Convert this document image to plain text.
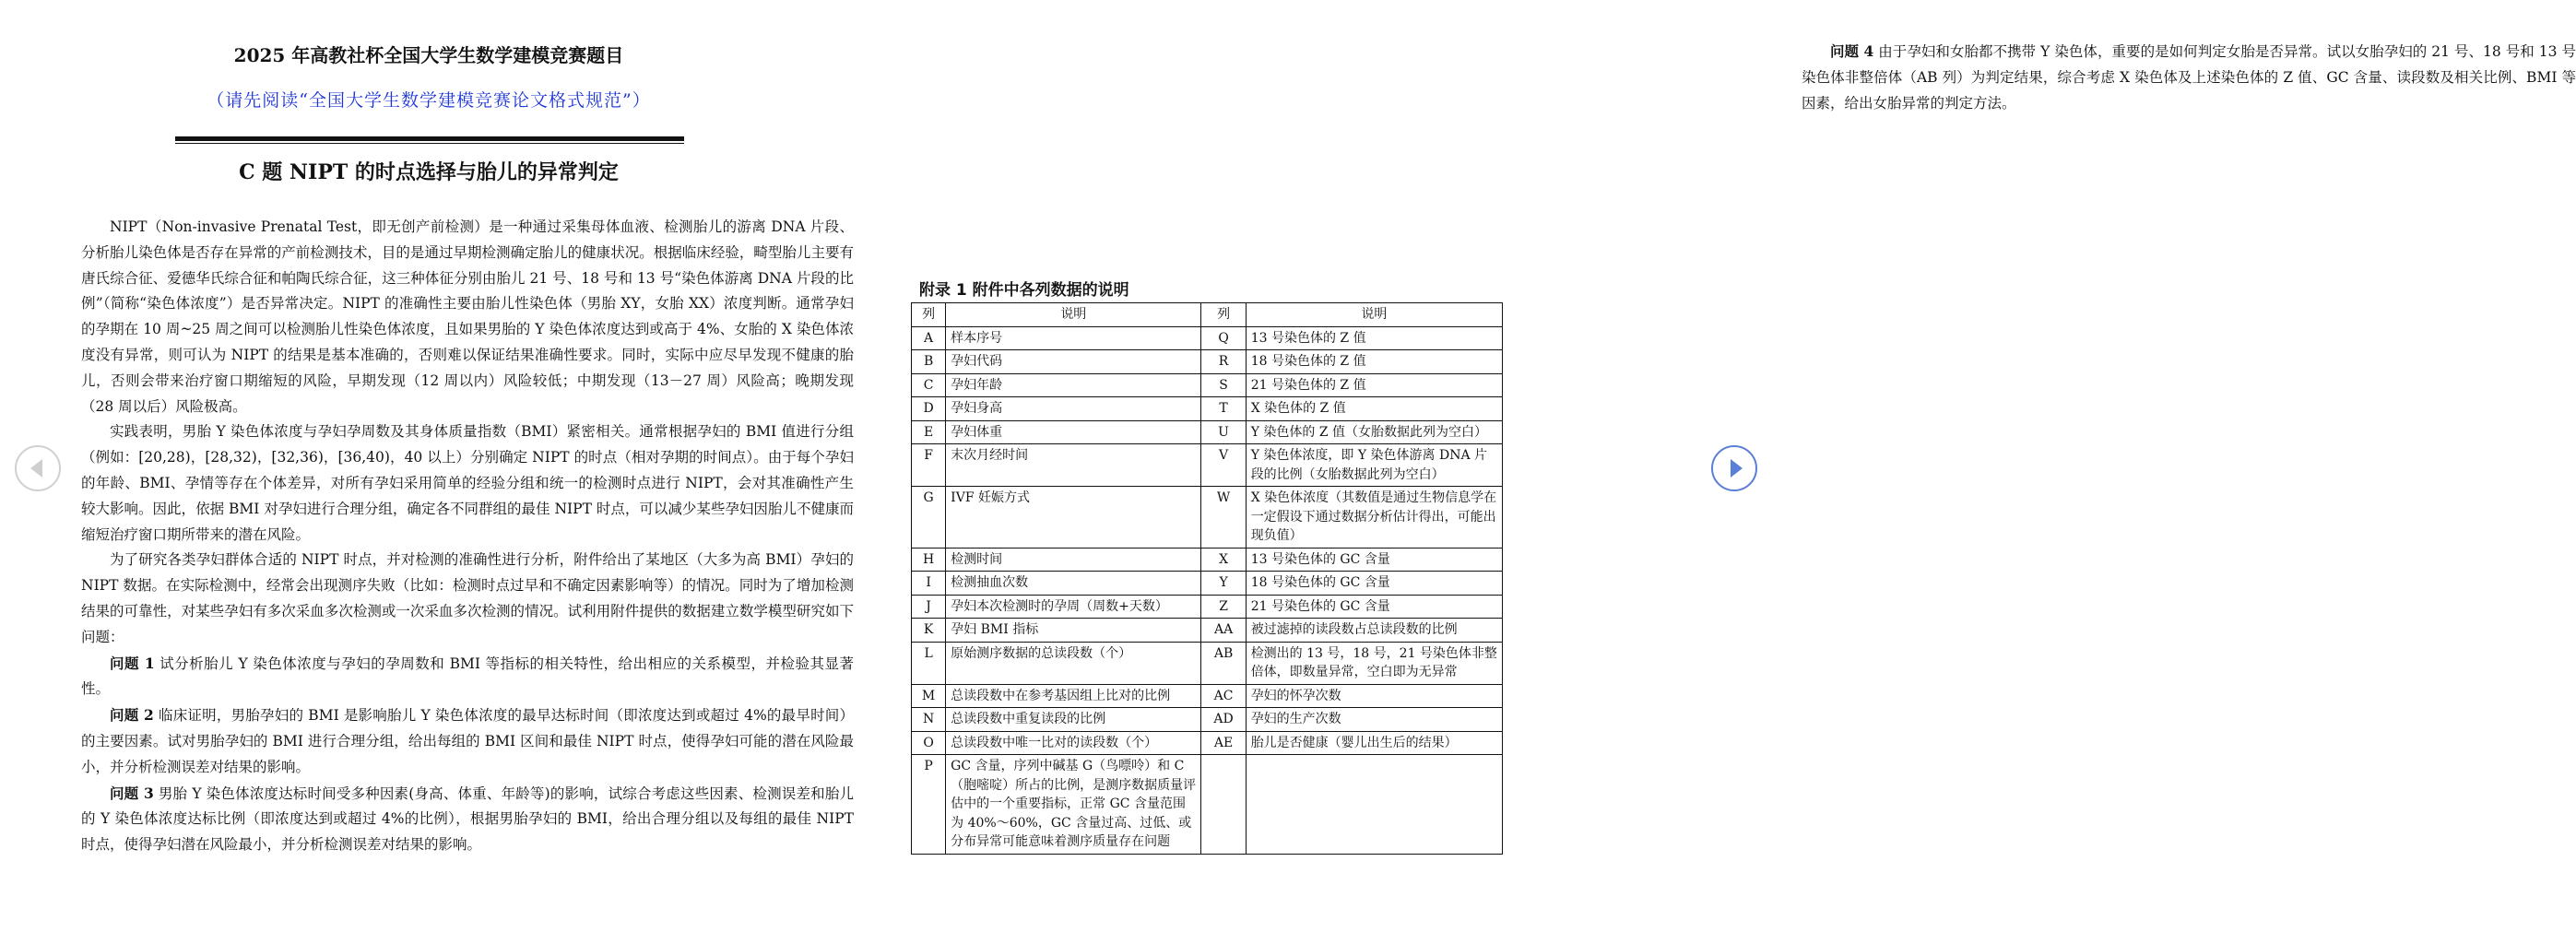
2025 年高教社杯全国大学生数学建模竞赛题目
（请先阅读“全国大学生数学建模竞赛论文格式规范”）
C 题 NIPT 的时点选择与胎儿的异常判定

NIPT（Non-invasive Prenatal Test，即无创产前检测）是一种通过采集母体血液、检测胎儿的游离 DNA 片段、分析胎儿染色体是否存在异常的产前检测技术，目的是通过早期检测确定胎儿的健康状况。根据临床经验，畸型胎儿主要有唐氏综合征、爱德华氏综合征和帕陶氏综合征，这三种体征分别由胎儿 21 号、18 号和 13 号“染色体游离 DNA 片段的比例”（简称“染色体浓度”）是否异常决定。NIPT 的准确性主要由胎儿性染色体（男胎 XY，女胎 XX）浓度判断。通常孕妇的孕期在 10 周~25 周之间可以检测胎儿性染色体浓度，且如果男胎的 Y 染色体浓度达到或高于 4%、女胎的 X 染色体浓度没有异常，则可认为 NIPT 的结果是基本准确的，否则难以保证结果准确性要求。同时，实际中应尽早发现不健康的胎儿，否则会带来治疗窗口期缩短的风险，早期发现（12 周以内）风险较低；中期发现（13－27 周）风险高；晚期发现（28 周以后）风险极高。

实践表明，男胎 Y 染色体浓度与孕妇孕周数及其身体质量指数（BMI）紧密相关。通常根据孕妇的 BMI 值进行分组（例如：[20,28)，[28,32)，[32,36)，[36,40)，40 以上）分别确定 NIPT 的时点（相对孕期的时间点）。由于每个孕妇的年龄、BMI、孕情等存在个体差异，对所有孕妇采用简单的经验分组和统一的检测时点进行 NIPT，会对其准确性产生较大影响。因此，依据 BMI 对孕妇进行合理分组，确定各不同群组的最佳 NIPT 时点，可以减少某些孕妇因胎儿不健康而缩短治疗窗口期所带来的潜在风险。

为了研究各类孕妇群体合适的 NIPT 时点，并对检测的准确性进行分析，附件给出了某地区（大多为高 BMI）孕妇的 NIPT 数据。在实际检测中，经常会出现测序失败（比如：检测时点过早和不确定因素影响等）的情况。同时为了增加检测结果的可靠性，对某些孕妇有多次采血多次检测或一次采血多次检测的情况。试利用附件提供的数据建立数学模型研究如下问题：

问题 1 试分析胎儿 Y 染色体浓度与孕妇的孕周数和 BMI 等指标的相关特性，给出相应的关系模型，并检验其显著性。

问题 2 临床证明，男胎孕妇的 BMI 是影响胎儿 Y 染色体浓度的最早达标时间（即浓度达到或超过 4%的最早时间）的主要因素。试对男胎孕妇的 BMI 进行合理分组，给出每组的 BMI 区间和最佳 NIPT 时点，使得孕妇可能的潜在风险最小，并分析检测误差对结果的影响。

问题 3 男胎 Y 染色体浓度达标时间受多种因素(身高、体重、年龄等)的影响，试综合考虑这些因素、检测误差和胎儿的 Y 染色体浓度达标比例（即浓度达到或超过 4%的比例），根据男胎孕妇的 BMI，给出合理分组以及每组的最佳 NIPT 时点，使得孕妇潜在风险最小，并分析检测误差对结果的影响。

问题 4 由于孕妇和女胎都不携带 Y 染色体，重要的是如何判定女胎是否异常。试以女胎孕妇的 21 号、18 号和 13 号染色体非整倍体（AB 列）为判定结果，综合考虑 X 染色体及上述染色体的 Z 值、GC 含量、读段数及相关比例、BMI 等因素，给出女胎异常的判定方法。

附录 1 附件中各列数据的说明
列	说明	列	说明
A	样本序号	Q	13 号染色体的 Z 值
B	孕妇代码	R	18 号染色体的 Z 值
C	孕妇年龄	S	21 号染色体的 Z 值
D	孕妇身高	T	X 染色体的 Z 值
E	孕妇体重	U	Y 染色体的 Z 值（女胎数据此列为空白）
F	末次月经时间	V	Y 染色体浓度，即 Y 染色体游离 DNA 片段的比例（女胎数据此列为空白）
G	IVF 妊娠方式	W	X 染色体浓度（其数值是通过生物信息学在一定假设下通过数据分析估计得出，可能出现负值）
H	检测时间	X	13 号染色体的 GC 含量
I	检测抽血次数	Y	18 号染色体的 GC 含量
J	孕妇本次检测时的孕周（周数+天数）	Z	21 号染色体的 GC 含量
K	孕妇 BMI 指标	AA	被过滤掉的读段数占总读段数的比例
L	原始测序数据的总读段数（个）	AB	检测出的 13 号，18 号，21 号染色体非整倍体，即数量异常，空白即为无异常
M	总读段数中在参考基因组上比对的比例	AC	孕妇的怀孕次数
N	总读段数中重复读段的比例	AD	孕妇的生产次数
O	总读段数中唯一比对的读段数（个）	AE	胎儿是否健康（婴儿出生后的结果）
P	GC 含量，序列中碱基 G（鸟嘌呤）和 C（胞嘧啶）所占的比例，是测序数据质量评估中的一个重要指标，正常 GC 含量范围为 40%～60%，GC 含量过高、过低、或分布异常可能意味着测序质量存在问题		
